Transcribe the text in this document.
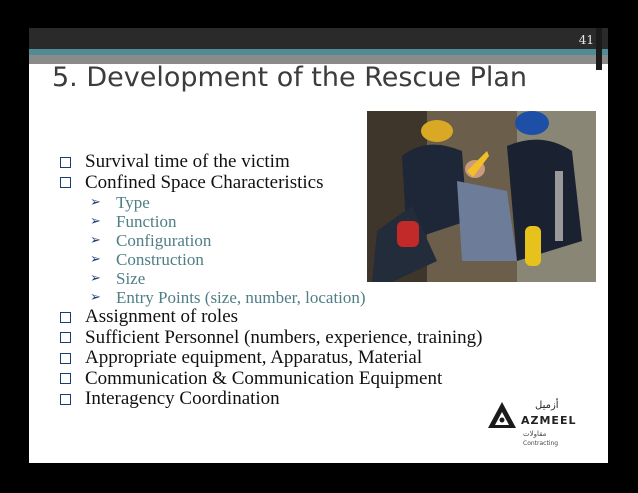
41
5. Development of the Rescue Plan
Survival time of the victim
Confined Space Characteristics
➢ Type
➢ Function
➢ Configuration
➢ Construction
➢ Size
➢ Entry Points (size, number, location)
Assignment of roles
Sufficient Personnel (numbers, experience, training)
Appropriate equipment, Apparatus, Material
Communication & Communication Equipment
Interagency Coordination	أزميل
AZMEEL
مقاولات
Contracting
